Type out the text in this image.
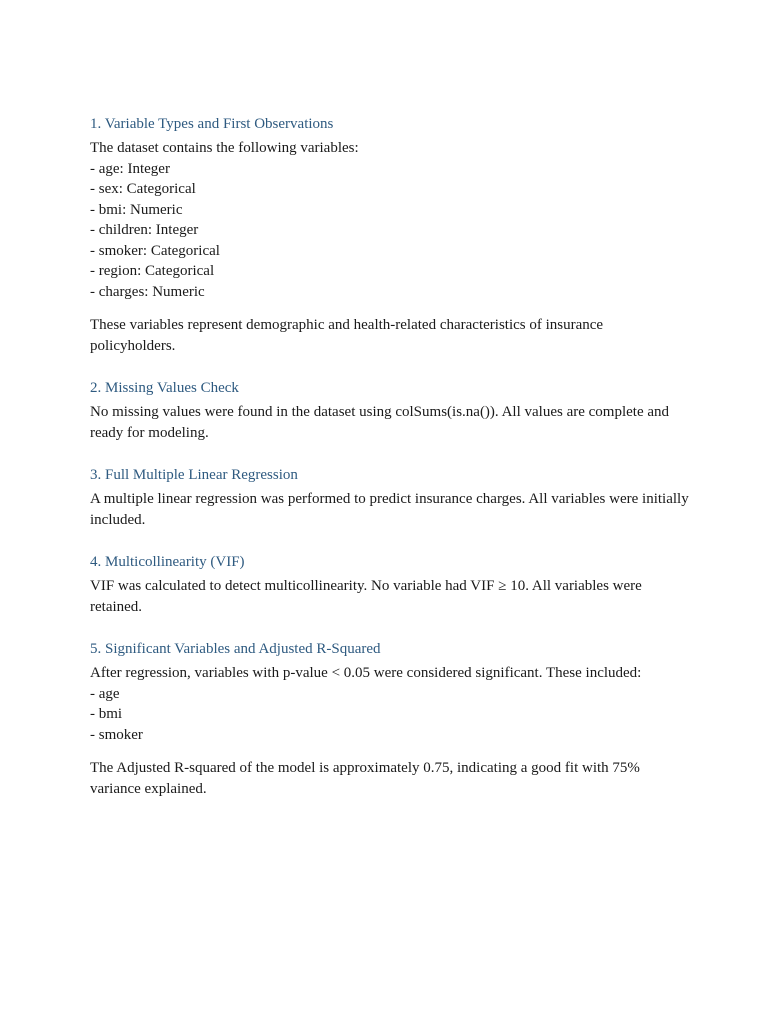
1. Variable Types and First Observations

The dataset contains the following variables:

- age: Integer
- sex: Categorical
- bmi: Numeric
- children: Integer
- smoker: Categorical
- region: Categorical
- charges: Numeric

These variables represent demographic and health-related characteristics of insurance policyholders.

2. Missing Values Check

No missing values were found in the dataset using colSums(is.na()). All values are complete and ready for modeling.

3. Full Multiple Linear Regression

A multiple linear regression was performed to predict insurance charges. All variables were initially included.

4. Multicollinearity (VIF)

VIF was calculated to detect multicollinearity. No variable had VIF ≥ 10. All variables were retained.

5. Significant Variables and Adjusted R-Squared

After regression, variables with p-value < 0.05 were considered significant. These included:

- age
- bmi
- smoker

The Adjusted R-squared of the model is approximately 0.75, indicating a good fit with 75% variance explained.
